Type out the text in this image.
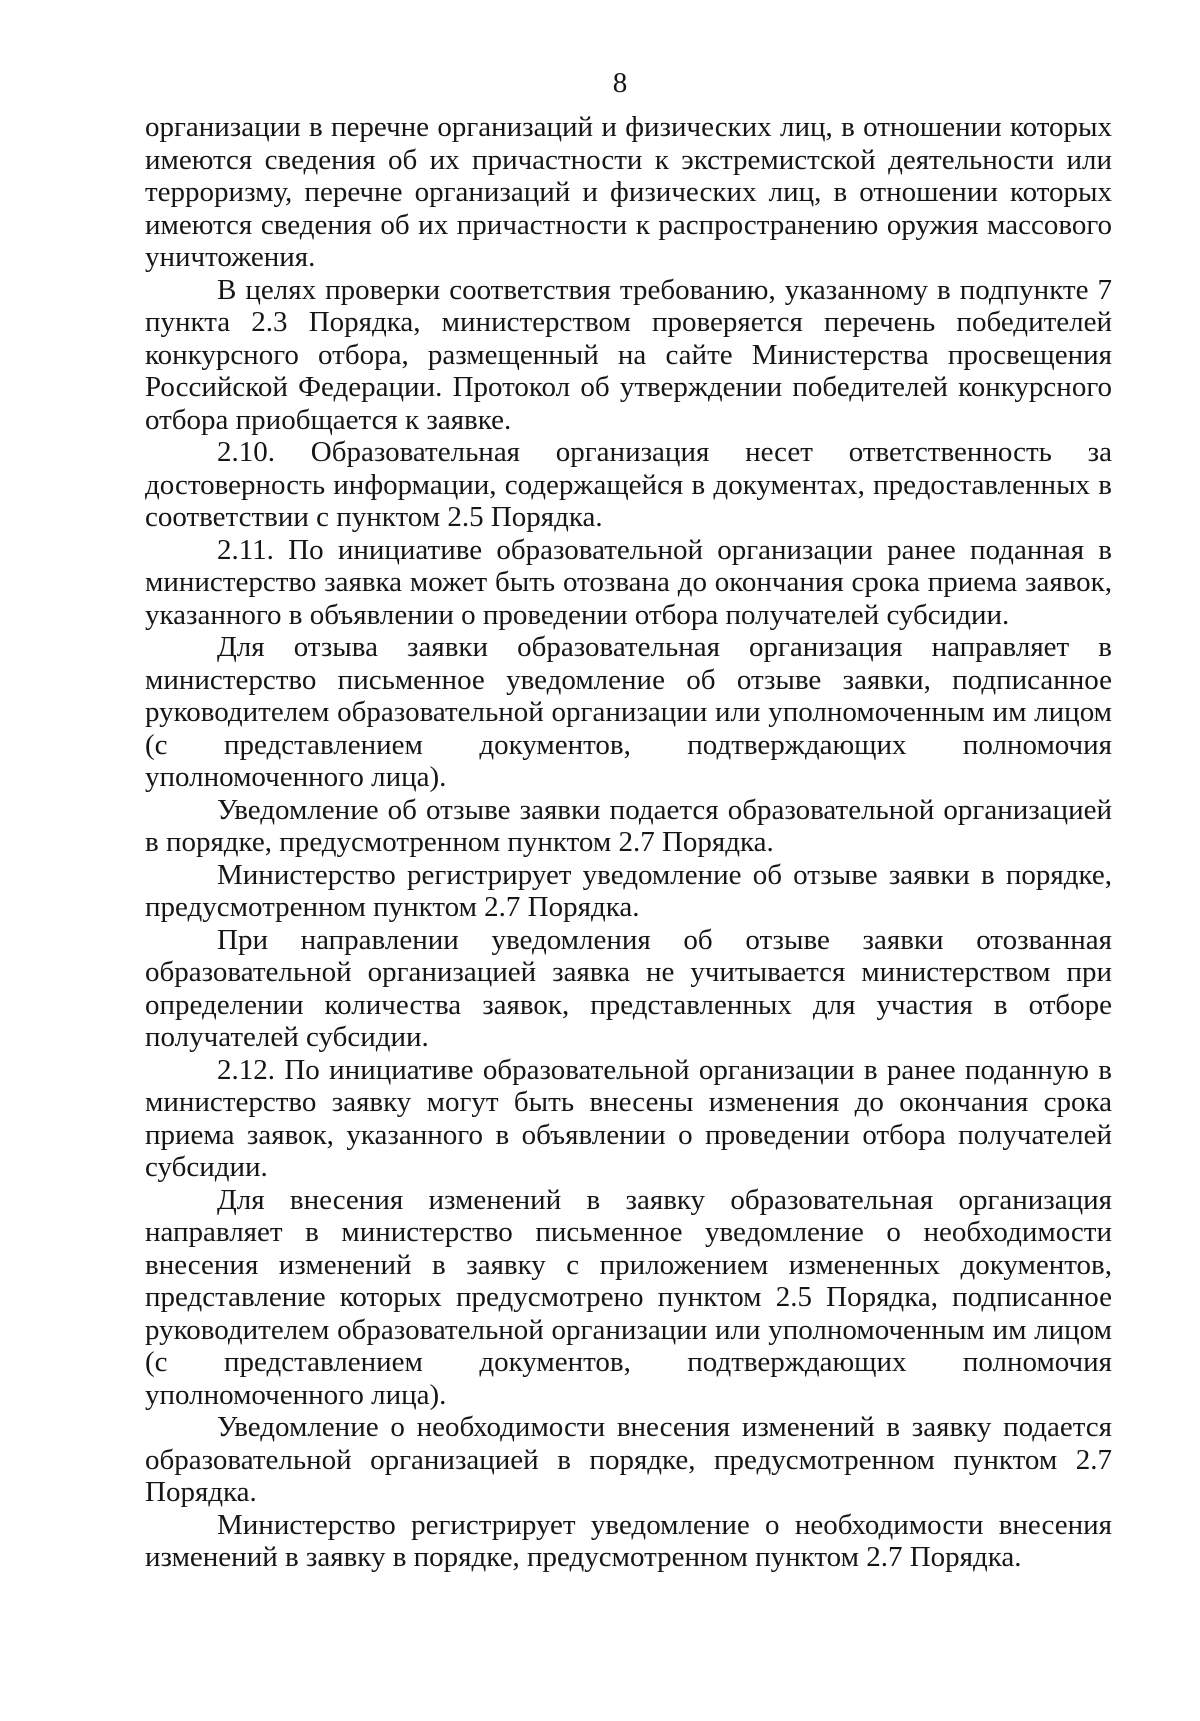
8

организации в перечне организаций и физических лиц, в отношении которых имеются сведения об их причастности к экстремистской деятельности или терроризму, перечне организаций и физических лиц, в отношении которых имеются сведения об их причастности к распространению оружия массового уничтожения.

В целях проверки соответствия требованию, указанному в подпункте 7 пункта 2.3 Порядка, министерством проверяется перечень победителей конкурсного отбора, размещенный на сайте Министерства просвещения Российской Федерации. Протокол об утверждении победителей конкурсного отбора приобщается к заявке.

2.10. Образовательная организация несет ответственность за достоверность информации, содержащейся в документах, предоставленных в соответствии с пунктом 2.5 Порядка.

2.11. По инициативе образовательной организации ранее поданная в министерство заявка может быть отозвана до окончания срока приема заявок, указанного в объявлении о проведении отбора получателей субсидии.

Для отзыва заявки образовательная организация направляет в министерство письменное уведомление об отзыве заявки, подписанное руководителем образовательной организации или уполномоченным им лицом (с представлением документов, подтверждающих полномочия уполномоченного лица).

Уведомление об отзыве заявки подается образовательной организацией в порядке, предусмотренном пунктом 2.7 Порядка.

Министерство регистрирует уведомление об отзыве заявки в порядке, предусмотренном пунктом 2.7 Порядка.

При направлении уведомления об отзыве заявки отозванная образовательной организацией заявка не учитывается министерством при определении количества заявок, представленных для участия в отборе получателей субсидии.

2.12. По инициативе образовательной организации в ранее поданную в министерство заявку могут быть внесены изменения до окончания срока приема заявок, указанного в объявлении о проведении отбора получателей субсидии.

Для внесения изменений в заявку образовательная организация направляет в министерство письменное уведомление о необходимости внесения изменений в заявку с приложением измененных документов, представление которых предусмотрено пунктом 2.5 Порядка, подписанное руководителем образовательной организации или уполномоченным им лицом (с представлением документов, подтверждающих полномочия уполномоченного лица).

Уведомление о необходимости внесения изменений в заявку подается образовательной организацией в порядке, предусмотренном пунктом 2.7 Порядка.

Министерство регистрирует уведомление о необходимости внесения изменений в заявку в порядке, предусмотренном пунктом 2.7 Порядка.
